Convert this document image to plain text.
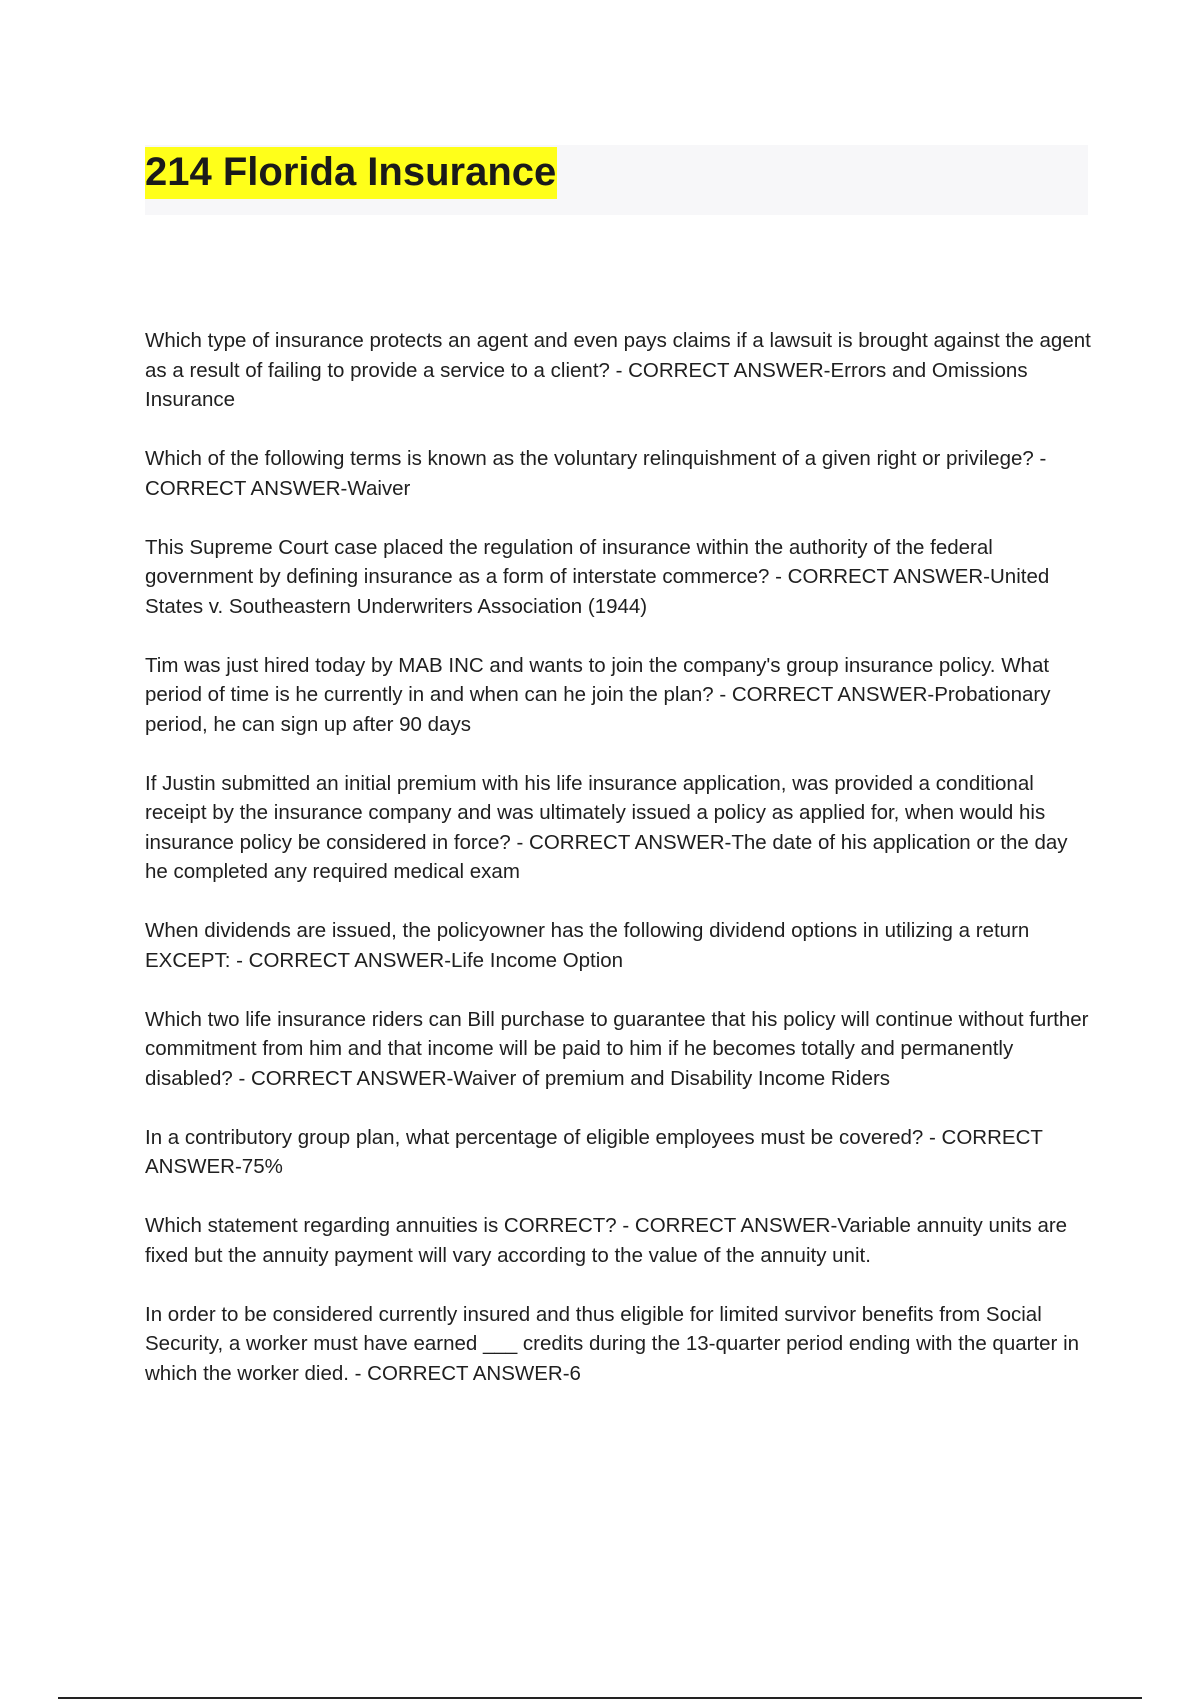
214 Florida Insurance

Which type of insurance protects an agent and even pays claims if a lawsuit is brought against the agent as a result of failing to provide a service to a client? - CORRECT ANSWER-Errors and Omissions Insurance

Which of the following terms is known as the voluntary relinquishment of a given right or privilege? - CORRECT ANSWER-Waiver

This Supreme Court case placed the regulation of insurance within the authority of the federal government by defining insurance as a form of interstate commerce? - CORRECT ANSWER-United States v. Southeastern Underwriters Association (1944)

Tim was just hired today by MAB INC and wants to join the company's group insurance policy. What period of time is he currently in and when can he join the plan? - CORRECT ANSWER-Probationary period, he can sign up after 90 days

If Justin submitted an initial premium with his life insurance application, was provided a conditional receipt by the insurance company and was ultimately issued a policy as applied for, when would his insurance policy be considered in force? - CORRECT ANSWER-The date of his application or the day he completed any required medical exam

When dividends are issued, the policyowner has the following dividend options in utilizing a return EXCEPT: - CORRECT ANSWER-Life Income Option

Which two life insurance riders can Bill purchase to guarantee that his policy will continue without further commitment from him and that income will be paid to him if he becomes totally and permanently disabled? - CORRECT ANSWER-Waiver of premium and Disability Income Riders

In a contributory group plan, what percentage of eligible employees must be covered? - CORRECT ANSWER-75%

Which statement regarding annuities is CORRECT? - CORRECT ANSWER-Variable annuity units are fixed but the annuity payment will vary according to the value of the annuity unit.

In order to be considered currently insured and thus eligible for limited survivor benefits from Social Security, a worker must have earned ___ credits during the 13-quarter period ending with the quarter in which the worker died. - CORRECT ANSWER-6
